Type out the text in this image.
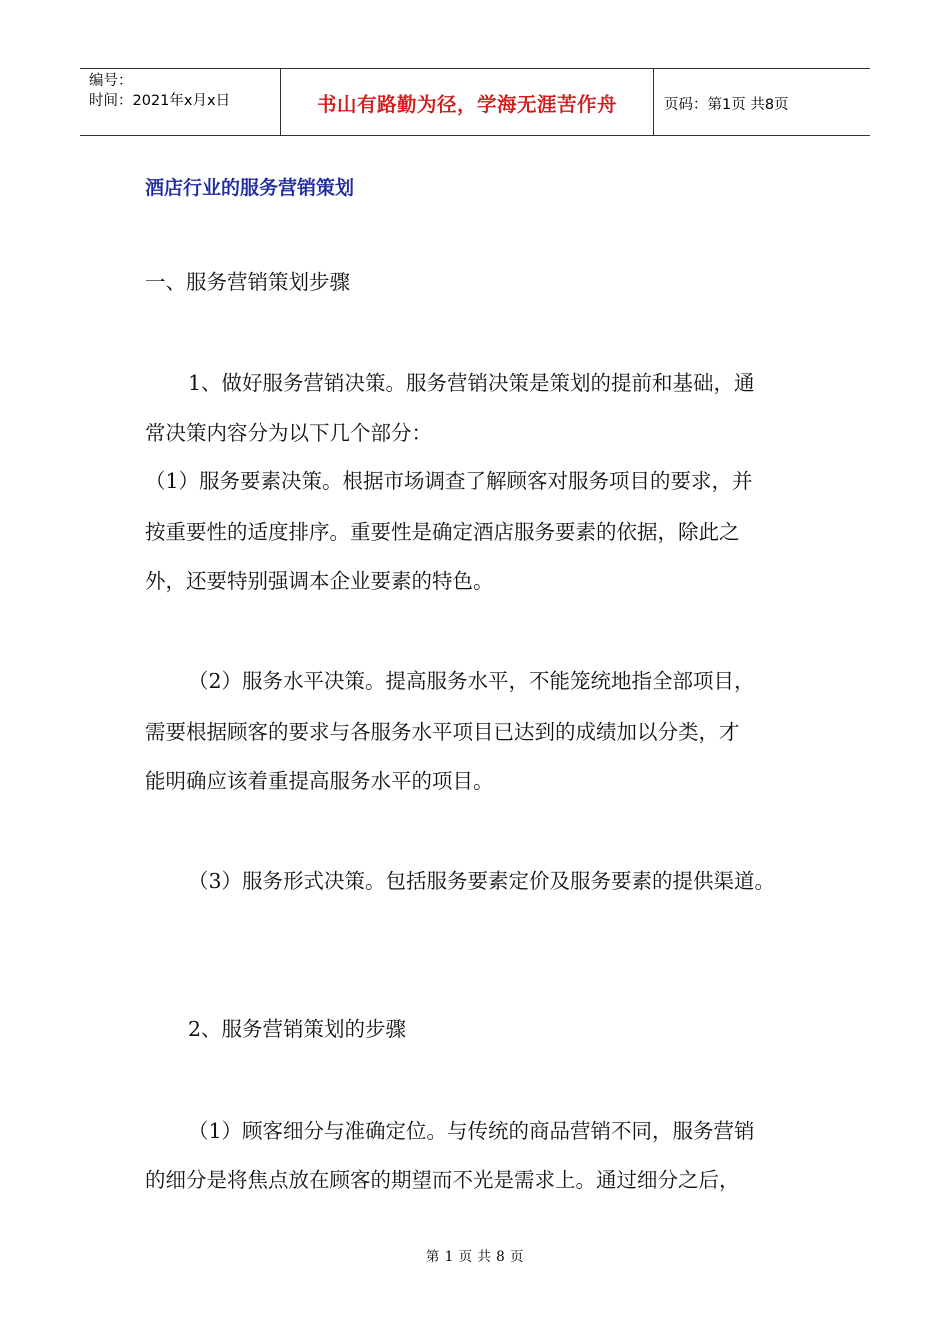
编号：
时间：2021年x月x日	书山有路勤为径，学海无涯苦作舟	页码：第1页 共8页
酒店行业的服务营销策划

一、服务营销策划步骤

1、做好服务营销决策。服务营销决策是策划的提前和基础，通

常决策内容分为以下几个部分：

（1）服务要素决策。根据市场调查了解顾客对服务项目的要求，并

按重要性的适度排序。重要性是确定酒店服务要素的依据，除此之

外，还要特别强调本企业要素的特色。

（2）服务水平决策。提高服务水平，不能笼统地指全部项目，

需要根据顾客的要求与各服务水平项目已达到的成绩加以分类，才

能明确应该着重提高服务水平的项目。

（3）服务形式决策。包括服务要素定价及服务要素的提供渠道。

2、服务营销策划的步骤

（1）顾客细分与准确定位。与传统的商品营销不同，服务营销

的细分是将焦点放在顾客的期望而不光是需求上。通过细分之后，

第 1 页 共 8 页
